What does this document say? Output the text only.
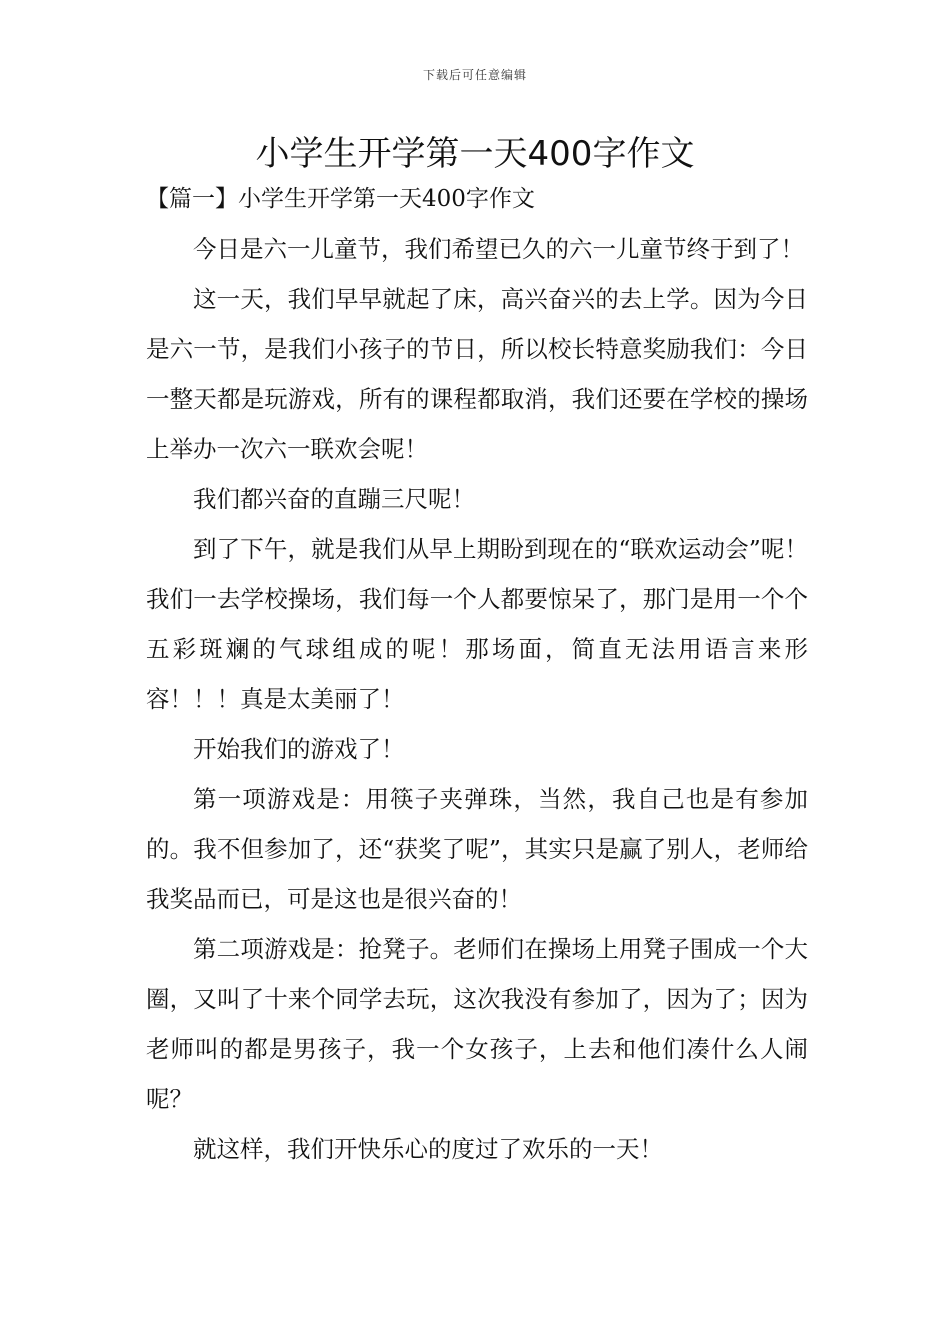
下载后可任意编辑
小学生开学第一天400字作文
【篇一】小学生开学第一天400字作文

今日是六一儿童节，我们希望已久的六一儿童节终于到了！

这一天，我们早早就起了床，高兴奋兴的去上学。因为今日是六一节，是我们小孩子的节日，所以校长特意奖励我们：今日一整天都是玩游戏，所有的课程都取消，我们还要在学校的操场上举办一次六一联欢会呢！

我们都兴奋的直蹦三尺呢！

到了下午，就是我们从早上期盼到现在的“联欢运动会”呢！我们一去学校操场，我们每一个人都要惊呆了，那门是用一个个五彩斑斓的气球组成的呢！那场面，简直无法用语言来形容！！！真是太美丽了！

开始我们的游戏了！

第一项游戏是：用筷子夹弹珠，当然，我自己也是有参加的。我不但参加了，还“获奖了呢”，其实只是赢了别人，老师给我奖品而已，可是这也是很兴奋的！

第二项游戏是：抢凳子。老师们在操场上用凳子围成一个大圈，又叫了十来个同学去玩，这次我没有参加了，因为了；因为老师叫的都是男孩子，我一个女孩子，上去和他们凑什么人闹呢？

就这样，我们开快乐心的度过了欢乐的一天！
